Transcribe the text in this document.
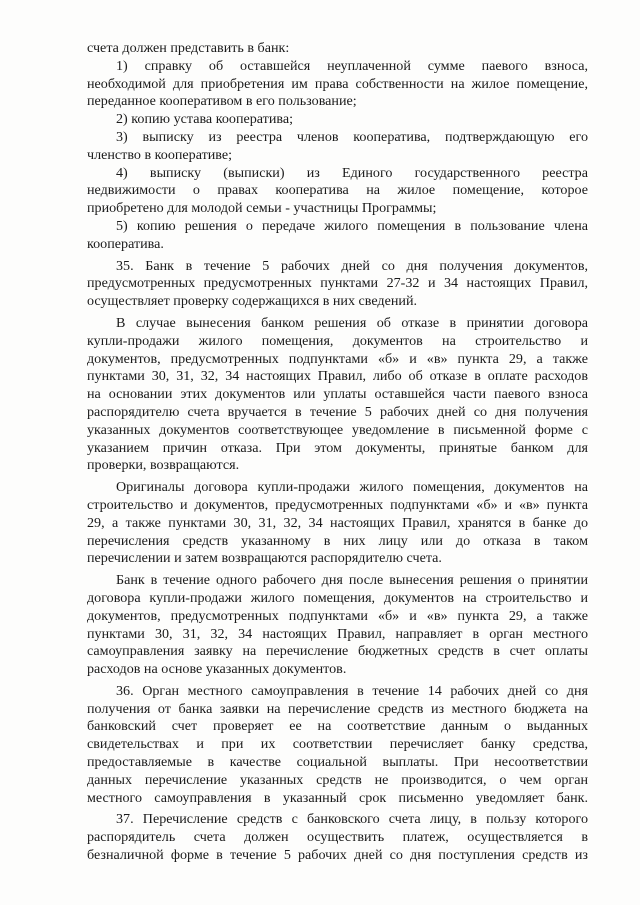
счета должен представить в банк:
1) справку об оставшейся неуплаченной сумме паевого взноса,
необходимой для приобретения им права собственности на жилое помещение,
переданное кооперативом в его пользование;
2) копию устава кооператива;
3) выписку из реестра членов кооператива, подтверждающую его
членство в кооперативе;
4) выписку (выписки) из Единого государственного реестра
недвижимости о правах кооператива на жилое помещение, которое
приобретено для молодой семьи - участницы Программы;
5) копию решения о передаче жилого помещения в пользование члена
кооператива.
35. Банк в течение 5 рабочих дней со дня получения документов,
предусмотренных предусмотренных пунктами 27-32 и 34 настоящих Правил,
осуществляет проверку содержащихся в них сведений.
В случае вынесения банком решения об отказе в принятии договора
купли-продажи жилого помещения, документов на строительство и
документов, предусмотренных подпунктами «б» и «в» пункта 29, а также
пунктами 30, 31, 32, 34 настоящих Правил, либо об отказе в оплате расходов
на основании этих документов или уплаты оставшейся части паевого взноса
распорядителю счета вручается в течение 5 рабочих дней со дня получения
указанных документов соответствующее уведомление в письменной форме с
указанием причин отказа. При этом документы, принятые банком для
проверки, возвращаются.
Оригиналы договора купли-продажи жилого помещения, документов на
строительство и документов, предусмотренных подпунктами «б» и «в» пункта
29, а также пунктами 30, 31, 32, 34 настоящих Правил, хранятся в банке до
перечисления средств указанному в них лицу или до отказа в таком
перечислении и затем возвращаются распорядителю счета.
Банк в течение одного рабочего дня после вынесения решения о принятии
договора купли-продажи жилого помещения, документов на строительство и
документов, предусмотренных подпунктами «б» и «в» пункта 29, а также
пунктами 30, 31, 32, 34 настоящих Правил, направляет в орган местного
самоуправления заявку на перечисление бюджетных средств в счет оплаты
расходов на основе указанных документов.
36. Орган местного самоуправления в течение 14 рабочих дней со дня
получения от банка заявки на перечисление средств из местного бюджета на
банковский счет проверяет ее на соответствие данным о выданных
свидетельствах и при их соответствии перечисляет банку средства,
предоставляемые в качестве социальной выплаты. При несоответствии
данных перечисление указанных средств не производится, о чем орган
местного самоуправления в указанный срок письменно уведомляет банк.
37. Перечисление средств с банковского счета лицу, в пользу которого
распорядитель счета должен осуществить платеж, осуществляется в
безналичной форме в течение 5 рабочих дней со дня поступления средств из
